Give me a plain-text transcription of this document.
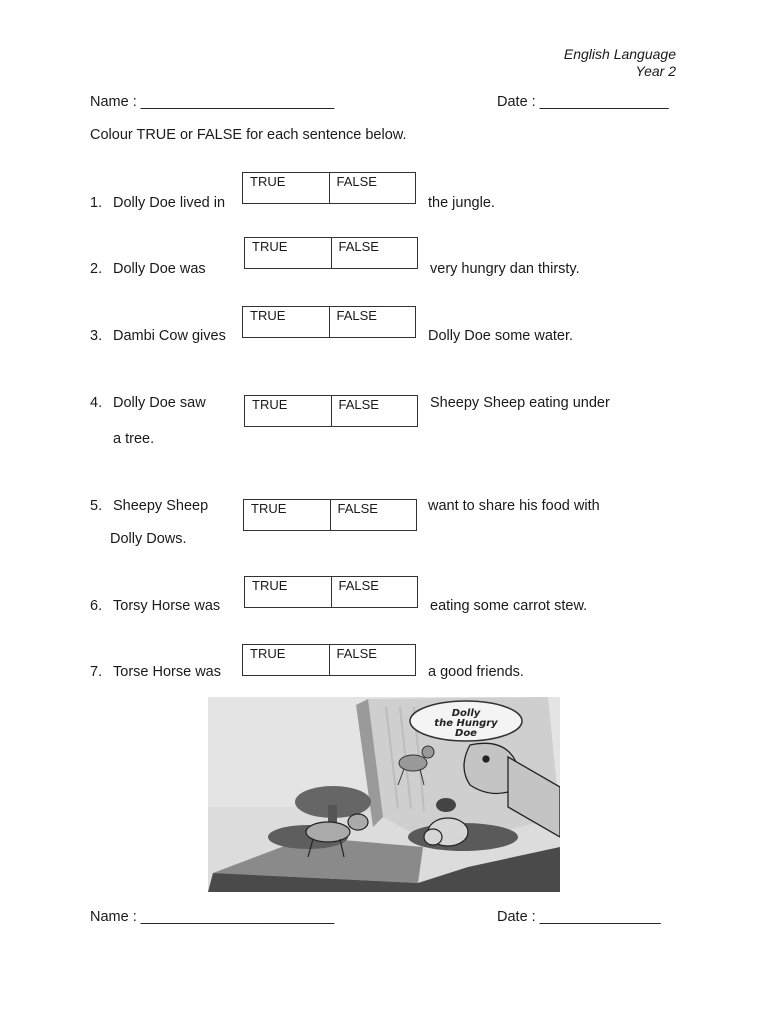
English Language
Year 2
Name : ________________________	Date : ________________
Colour TRUE or FALSE for each sentence below.
1. Dolly Doe lived in
TRUE	FALSE
the jungle.
2. Dolly Doe was
TRUE	FALSE
very hungry dan thirsty.
3. Dambi Cow gives
TRUE	FALSE
Dolly Doe some water.
4. Dolly Doe saw	TRUE	FALSE	Sheepy Sheep eating under
a tree.
5. Sheepy Sheep	TRUE	FALSE	want to share his food with
Dolly Dows.
6. Torsy Horse was
TRUE	FALSE
eating some carrot stew.
7. Torse Horse was
TRUE	FALSE
a good friends.
Dolly
the Hungry
Doe
Name : ________________________	Date : _______________
